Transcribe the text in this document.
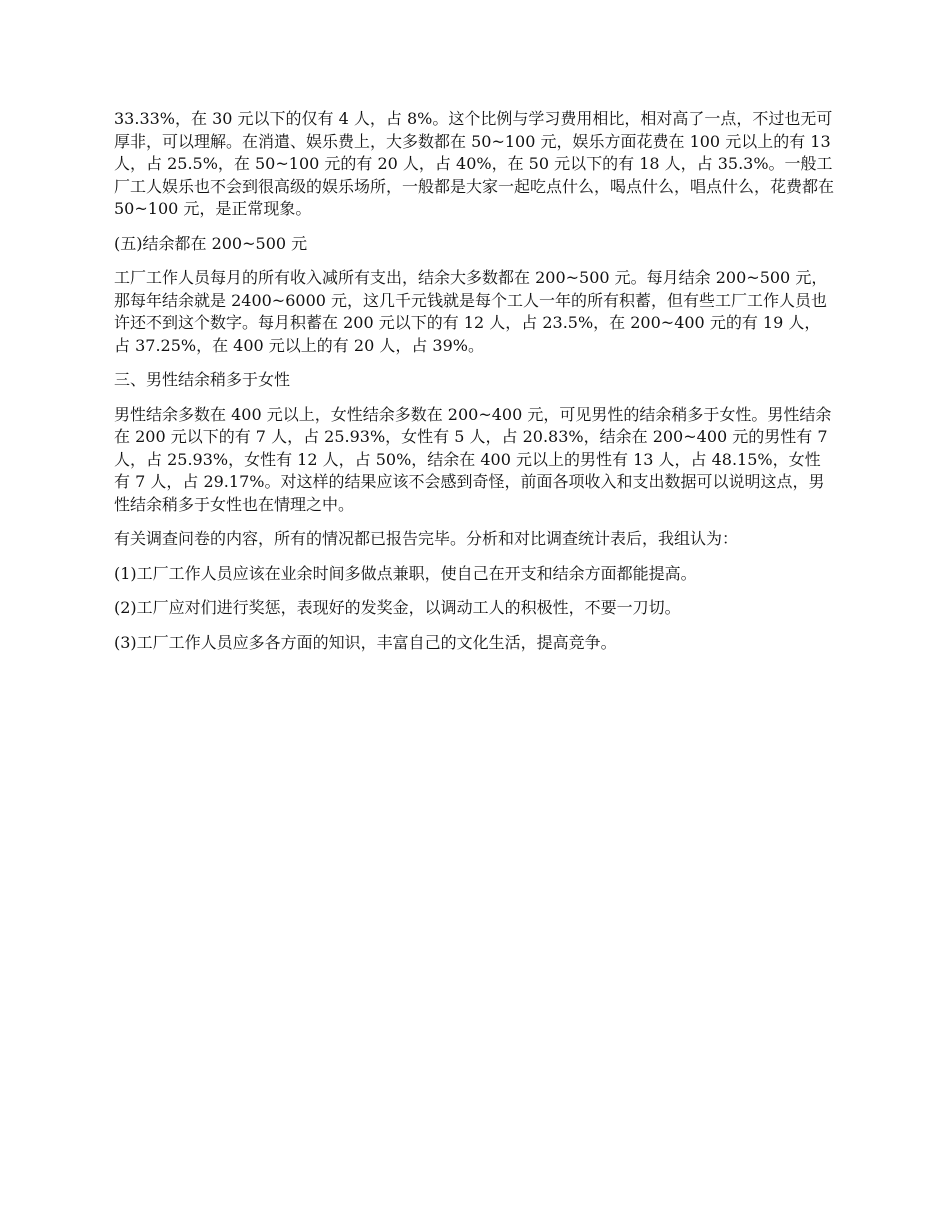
33.33%，在 30 元以下的仅有 4 人，占 8%。这个比例与学习费用相比，相对高了一点，不过也无可厚非，可以理解。在消遣、娱乐费上，大多数都在 50~100 元，娱乐方面花费在 100 元以上的有 13 人，占 25.5%，在 50~100 元的有 20 人，占 40%，在 50 元以下的有 18 人，占 35.3%。一般工厂工人娱乐也不会到很高级的娱乐场所，一般都是大家一起吃点什么，喝点什么，唱点什么，花费都在 50~100 元，是正常现象。

(五)结余都在 200~500 元

工厂工作人员每月的所有收入减所有支出，结余大多数都在 200~500 元。每月结余 200~500 元，那每年结余就是 2400~6000 元，这几千元钱就是每个工人一年的所有积蓄，但有些工厂工作人员也许还不到这个数字。每月积蓄在 200 元以下的有 12 人，占 23.5%，在 200~400 元的有 19 人，占 37.25%，在 400 元以上的有 20 人，占 39%。

三、男性结余稍多于女性

男性结余多数在 400 元以上，女性结余多数在 200~400 元，可见男性的结余稍多于女性。男性结余在 200 元以下的有 7 人，占 25.93%，女性有 5 人，占 20.83%，结余在 200~400 元的男性有 7 人，占 25.93%，女性有 12 人，占 50%，结余在 400 元以上的男性有 13 人，占 48.15%，女性有 7 人，占 29.17%。对这样的结果应该不会感到奇怪，前面各项收入和支出数据可以说明这点，男性结余稍多于女性也在情理之中。

有关调查问卷的内容，所有的情况都已报告完毕。分析和对比调查统计表后，我组认为：

(1)工厂工作人员应该在业余时间多做点兼职，使自己在开支和结余方面都能提高。

(2)工厂应对们进行奖惩，表现好的发奖金，以调动工人的积极性，不要一刀切。

(3)工厂工作人员应多各方面的知识，丰富自己的文化生活，提高竞争。
